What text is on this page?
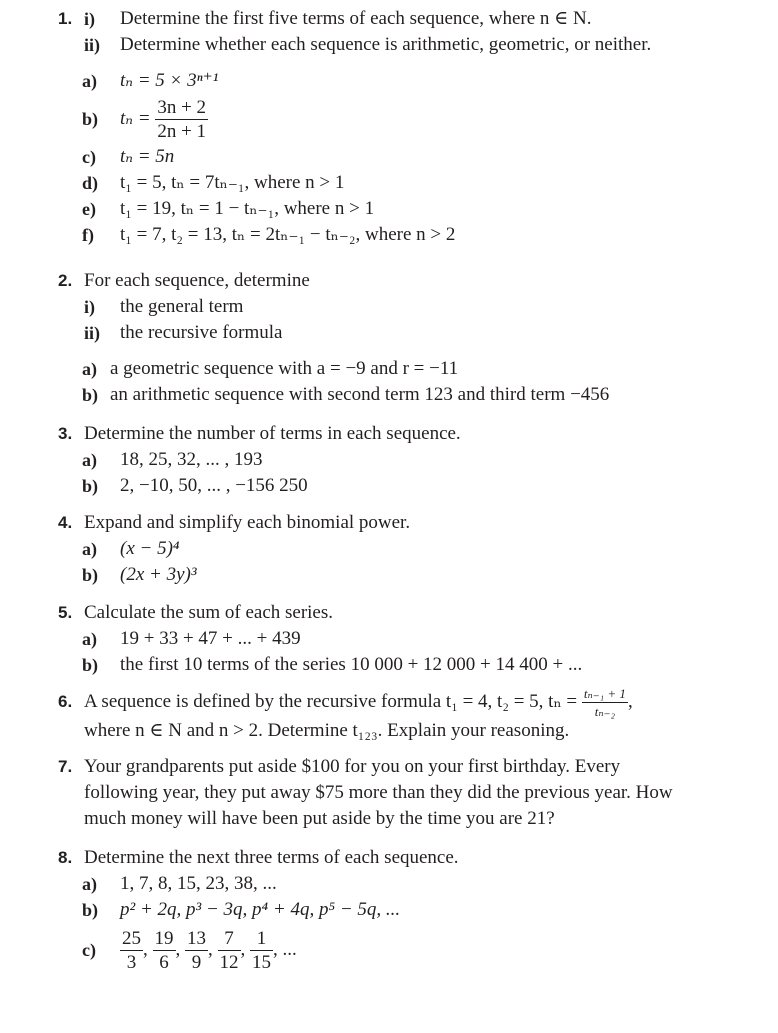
1. i) Determine the first five terms of each sequence, where n ∈ N.
ii) Determine whether each sequence is arithmetic, geometric, or neither.
a) tₙ = 5 × 3ⁿ⁺¹
b) $t_n = \frac{3n + 2}{2n + 1}$
c) tₙ = 5n
d) t₁ = 5, tₙ = 7tₙ₋₁, where n > 1
e) t₁ = 19, tₙ = 1 − tₙ₋₁, where n > 1
f) t₁ = 7, t₂ = 13, tₙ = 2tₙ₋₁ − tₙ₋₂, where n > 2
2. For each sequence, determine
i) the general term
ii) the recursive formula
a) a geometric sequence with a = −9 and r = −11
b) an arithmetic sequence with second term 123 and third term −456
3. Determine the number of terms in each sequence.
a) 18, 25, 32, ... , 193
b) 2, −10, 50, ... , −156 250
4. Expand and simplify each binomial power.
a) (x − 5)⁴
b) (2x + 3y)³
5. Calculate the sum of each series.
a) 19 + 33 + 47 + ... + 439
b) the first 10 terms of the series 10 000 + 12 000 + 14 400 + ...
6. A sequence is defined by the recursive formula t₁ = 4, t₂ = 5, $t_n = \frac{\text{tₙ₋₁ + 1}}{\text{tₙ₋₂}}$ ,
where n ∈ N and n > 2. Determine t₁₂₃. Explain your reasoning.
7. Your grandparents put aside $100 for you on your first birthday. Every
following year, they put away $75 more than they did the previous year. How
much money will have been put aside by the time you are 21?
8. Determine the next three terms of each sequence.
a) 1, 7, 8, 15, 23, 38, ...
b) p² + 2q, p³ − 3q, p⁴ + 4q, p⁵ − 5q, ...
$c) \frac{25}{3}$ , $\frac{19}{6}$ , $\frac{13}{9}$ , $\frac{7}{12}$ , $\frac{1}{15}$ , ...
